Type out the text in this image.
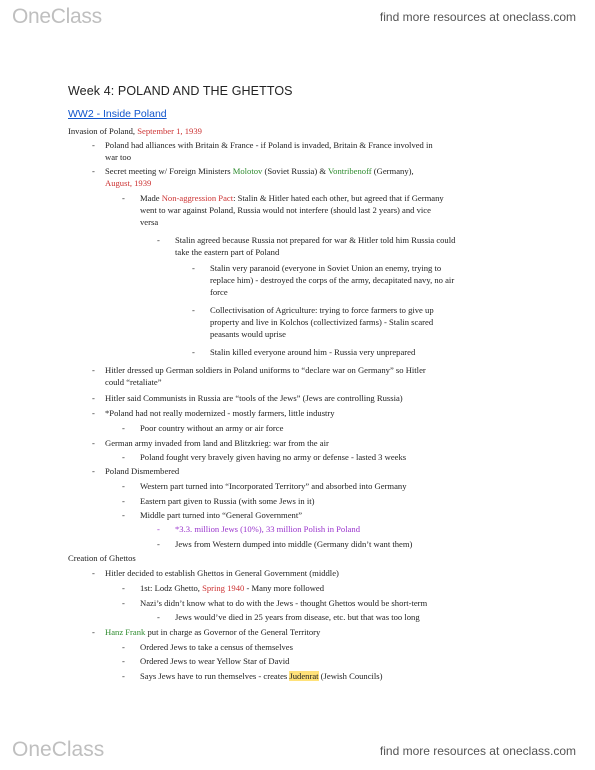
OneClass	find more resources at oneclass.com
Week 4: POLAND AND THE GHETTOS
WW2 - Inside Poland
Invasion of Poland, September 1, 1939
- Poland had alliances with Britain & France - if Poland is invaded, Britain & France involved in
war too
- Secret meeting w/ Foreign Ministers Molotov (Soviet Russia) & Vontribenoff (Germany),
August, 1939
- Made Non-aggression Pact: Stalin & Hitler hated each other, but agreed that if Germany
went to war against Poland, Russia would not interfere (should last 2 years) and vice
versa
- Stalin agreed because Russia not prepared for war & Hitler told him Russia could
take the eastern part of Poland
- Stalin very paranoid (everyone in Soviet Union an enemy, trying to
replace him) - destroyed the corps of the army, decapitated navy, no air
force
- Collectivisation of Agriculture: trying to force farmers to give up
property and live in Kolchos (collectivized farms) - Stalin scared
peasants would uprise
- Stalin killed everyone around him - Russia very unprepared
- Hitler dressed up German soldiers in Poland uniforms to “declare war on Germany” so Hitler
could “retaliate”
- Hitler said Communists in Russia are “tools of the Jews” (Jews are controlling Russia)
- *Poland had not really modernized - mostly farmers, little industry
- Poor country without an army or air force
- German army invaded from land and Blitzkrieg: war from the air
- Poland fought very bravely given having no army or defense - lasted 3 weeks
- Poland Dismembered
- Western part turned into “Incorporated Territory” and absorbed into Germany
- Eastern part given to Russia (with some Jews in it)
- Middle part turned into “General Government”
- *3.3. million Jews (10%), 33 million Polish in Poland
- Jews from Western dumped into middle (Germany didn’t want them)
Creation of Ghettos
- Hitler decided to establish Ghettos in General Government (middle)
- 1st: Lodz Ghetto, Spring 1940 - Many more followed
- Nazi’s didn’t know what to do with the Jews - thought Ghettos would be short-term
- Jews would’ve died in 25 years from disease, etc. but that was too long
- Hanz Frank put in charge as Governor of the General Territory
- Ordered Jews to take a census of themselves
- Ordered Jews to wear Yellow Star of David
- Says Jews have to run themselves - creates Judenrat (Jewish Councils)
OneClass	find more resources at oneclass.com
